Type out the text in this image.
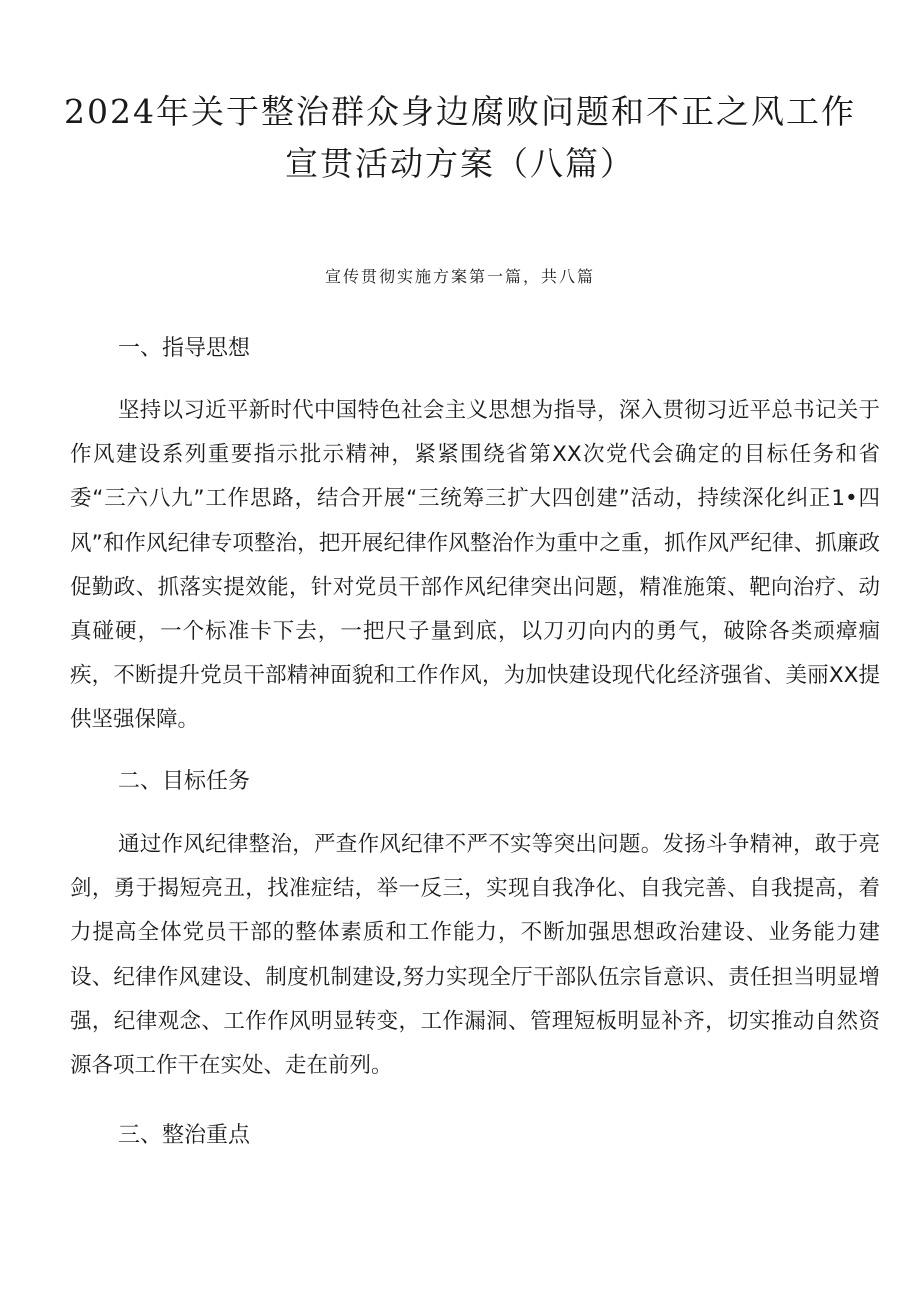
2024年关于整治群众身边腐败问题和不正之风工作宣贯活动方案（八篇）

宣传贯彻实施方案第一篇，共八篇

一、指导思想

坚持以习近平新时代中国特色社会主义思想为指导，深入贯彻习近平总书记关于作风建设系列重要指示批示精神，紧紧围绕省第XX次党代会确定的目标任务和省委“三六八九”工作思路，结合开展“三统筹三扩大四创建”活动，持续深化纠正1•四风”和作风纪律专项整治，把开展纪律作风整治作为重中之重，抓作风严纪律、抓廉政促勤政、抓落实提效能，针对党员干部作风纪律突出问题，精准施策、靶向治疗、动真碰硬，一个标准卡下去，一把尺子量到底，以刀刃向内的勇气，破除各类顽瘴痼疾，不断提升党员干部精神面貌和工作作风，为加快建设现代化经济强省、美丽XX提供坚强保障。

二、目标任务

通过作风纪律整治，严查作风纪律不严不实等突出问题。发扬斗争精神，敢于亮剑，勇于揭短亮丑，找准症结，举一反三，实现自我净化、自我完善、自我提高，着力提高全体党员干部的整体素质和工作能力，不断加强思想政治建设、业务能力建设、纪律作风建设、制度机制建设,努力实现全厅干部队伍宗旨意识、责任担当明显增强，纪律观念、工作作风明显转变，工作漏洞、管理短板明显补齐，切实推动自然资源各项工作干在实处、走在前列。

三、整治重点
